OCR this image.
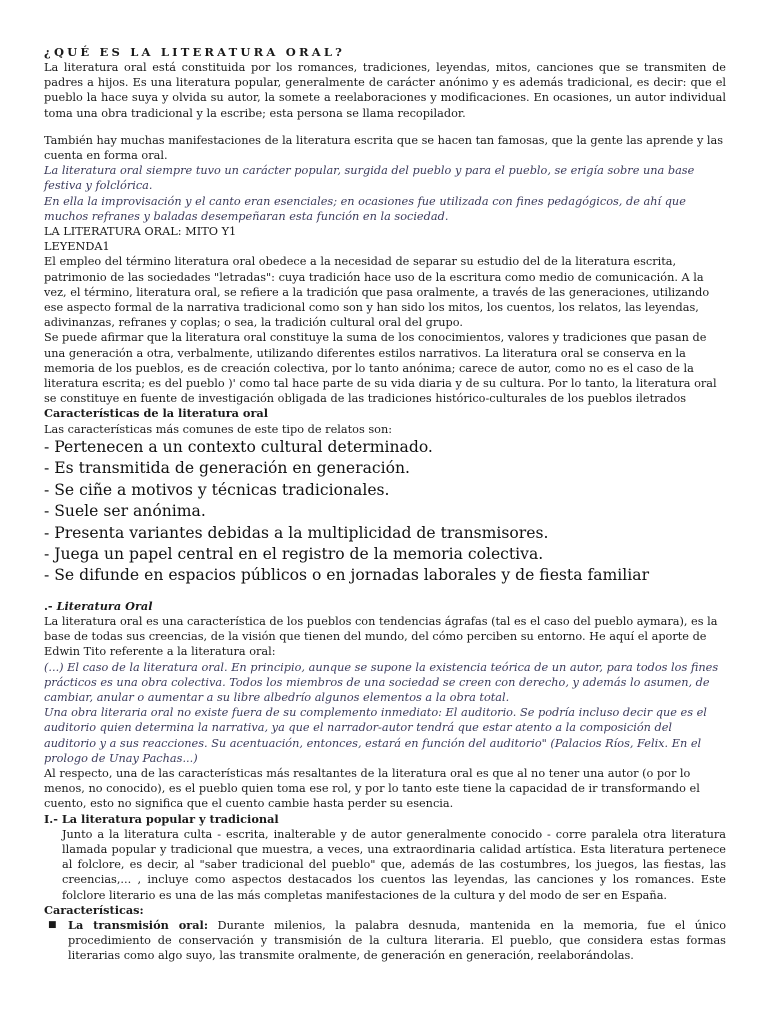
¿QUÉ ES LA LITERATURA ORAL?

La literatura oral está constituida por los romances, tradiciones, leyendas, mitos, canciones que se transmiten de padres a hijos. Es una literatura popular, generalmente de carácter anónimo y es además tradicional, es decir: que el pueblo la hace suya y olvida su autor, la somete a reelaboraciones y modificaciones. En ocasiones, un autor individual toma una obra tradicional y la escribe; esta persona se llama recopilador.

También hay muchas manifestaciones de la literatura escrita que se hacen tan famosas, que la gente las aprende y las cuenta en forma oral.

La literatura oral siempre tuvo un carácter popular, surgida del pueblo y para el pueblo, se erigía sobre una base festiva y folclórica.

En ella la improvisación y el canto eran esenciales; en ocasiones fue utilizada con fines pedagógicos, de ahí que muchos refranes y baladas desempeñaran esta función en la sociedad.

LA LITERATURA ORAL: MITO Y1

LEYENDA1

El empleo del término literatura oral obedece a la necesidad de separar su estudio del de la literatura escrita, patrimonio de las sociedades "letradas": cuya tradición hace uso de la escritura como medio de comunicación. A la vez, el término, literatura oral, se refiere a la tradición que pasa oralmente, a través de las generaciones, utilizando ese aspecto formal de la narrativa tradicional como son y han sido los mitos, los cuentos, los relatos, las leyendas, adivinanzas, refranes y coplas; o sea, la tradición cultural oral del grupo.

Se puede afirmar que la literatura oral constituye la suma de los conocimientos, valores y tradiciones que pasan de una generación a otra, verbalmente, utilizando diferentes estilos narrativos. La literatura oral se conserva en la memoria de los pueblos, es de creación colectiva, por lo tanto anónima; carece de autor, como no es el caso de la literatura escrita; es del pueblo )' como tal hace parte de su vida diaria y de su cultura. Por lo tanto, la literatura oral se constituye en fuente de investigación obligada de las tradiciones histórico-culturales de los pueblos iletrados

Características de la literatura oral

Las características más comunes de este tipo de relatos son:

- Pertenecen a un contexto cultural determinado.

- Es transmitida de generación en generación.

- Se ciñe a motivos y técnicas tradicionales.

- Suele ser anónima.

- Presenta variantes debidas a la multiplicidad de transmisores.

- Juega un papel central en el registro de la memoria colectiva.

- Se difunde en espacios públicos o en jornadas laborales y de fiesta familiar

.- Literatura Oral

La literatura oral es una característica de los pueblos con tendencias ágrafas (tal es el caso del pueblo aymara), es la base de todas sus creencias, de la visión que tienen del mundo, del cómo perciben su entorno. He aquí el aporte de Edwin Tito referente a la literatura oral:

(...) El caso de la literatura oral. En principio, aunque se supone la existencia teórica de un autor, para todos los fines prácticos es una obra colectiva. Todos los miembros de una sociedad se creen con derecho, y además lo asumen, de cambiar, anular o aumentar a su libre albedrío algunos elementos a la obra total.

Una obra literaria oral no existe fuera de su complemento inmediato: El auditorio. Se podría incluso decir que es el auditorio quien determina la narrativa, ya que el narrador-autor tendrá que estar atento a la composición del auditorio y a sus reacciones. Su acentuación, entonces, estará en función del auditorio" (Palacios Ríos, Felix. En el prologo de Unay Pachas...)

Al respecto, una de las características más resaltantes de la literatura oral es que al no tener una autor (o por lo menos, no conocido), es el pueblo quien toma ese rol, y por lo tanto este tiene la capacidad de ir transformando el cuento, esto no significa que el cuento cambie hasta perder su esencia.

I.- La literatura popular y tradicional

Junto a la literatura culta - escrita, inalterable y de autor generalmente conocido - corre paralela otra literatura llamada popular y tradicional que muestra, a veces, una extraordinaria calidad artística. Esta literatura pertenece al folclore, es decir, al "saber tradicional del pueblo" que, además de las costumbres, los juegos, las fiestas, las creencias,... , incluye como aspectos destacados los cuentos las leyendas, las canciones y los romances. Este folclore literario es una de las más completas manifestaciones de la cultura y del modo de ser en España.

Características:

■ La transmisión oral: Durante milenios, la palabra desnuda, mantenida en la memoria, fue el único procedimiento de conservación y transmisión de la cultura literaria. El pueblo, que considera estas formas literarias como algo suyo, las transmite oralmente, de generación en generación, reelaborándolas.
